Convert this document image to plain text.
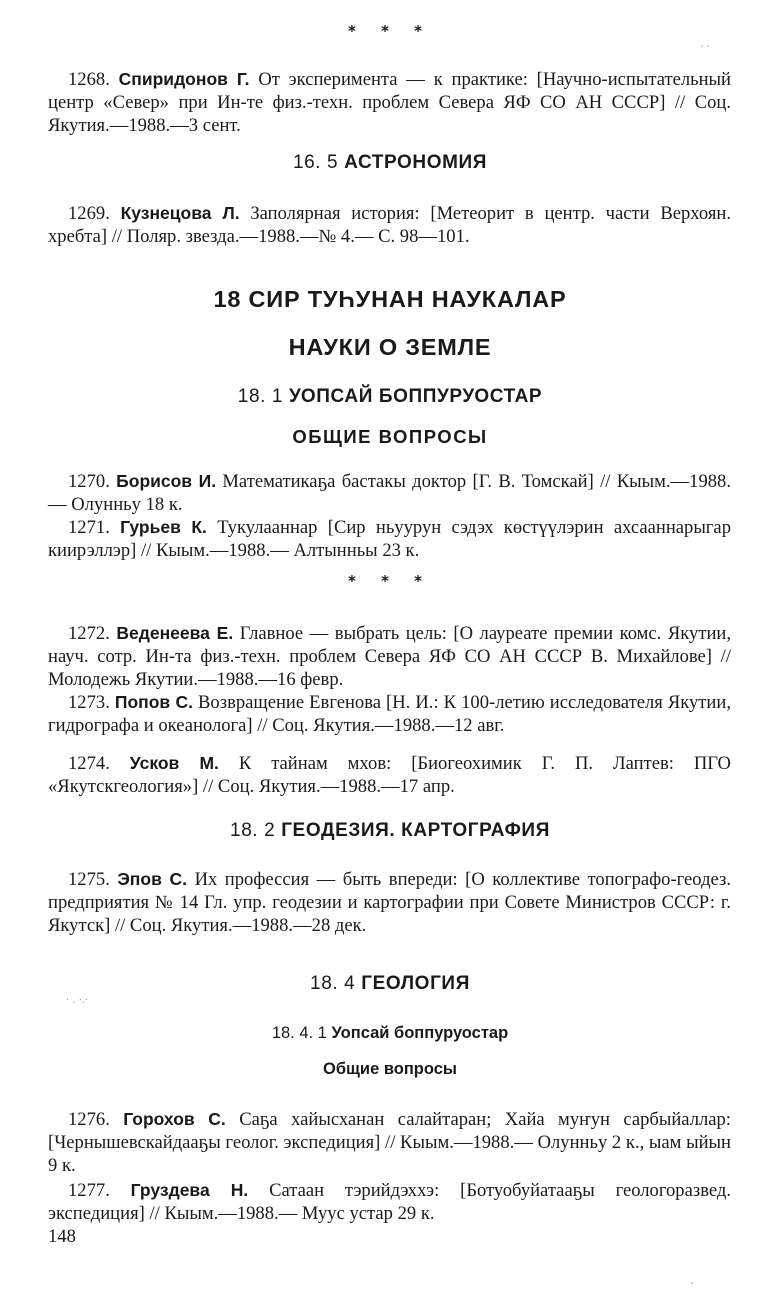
* * *

1268. Спиридонов Г. От эксперимента — к практике: [Научно-испытательный центр «Север» при Ин-те физ.-техн. проблем Севера ЯФ СО АН СССР] // Соц. Якутия.—1988.—3 сент.

16. 5 АСТРОНОМИЯ

1269. Кузнецова Л. Заполярная история: [Метеорит в центр. части Верхоян. хребта] // Поляр. звезда.—1988.—№ 4.— С. 98—101.

18 СИР ТУҺУНАН НАУКАЛАР
НАУКИ О ЗЕМЛЕ
18. 1 УОПСАЙ БОППУРУОСТАР
ОБЩИЕ ВОПРОСЫ

1270. Борисов И. Математикаҕа бастакы доктор [Г. В. Томскай] // Кыым.—1988.— Олунньу 18 к.

1271. Гурьев К. Тукулааннар [Сир ньуурун сэдэх көстүүлэрин ахсааннарыгар киирэллэр] // Кыым.—1988.— Алтынньы 23 к.

* * *

1272. Веденеева Е. Главное — выбрать цель: [О лауреате премии комс. Якутии, науч. сотр. Ин-та физ.-техн. проблем Севера ЯФ СО АН СССР В. Михайлове] // Молодежь Якутии.—1988.—16 февр.

1273. Попов С. Возвращение Евгенова [Н. И.: К 100-летию исследователя Якутии, гидрографа и океанолога] // Соц. Якутия.—1988.—12 авг.

1274. Усков М. К тайнам мхов: [Биогеохимик Г. П. Лаптев: ПГО «Якутскгеология»] // Соц. Якутия.—1988.—17 апр.

18. 2 ГЕОДЕЗИЯ. КАРТОГРАФИЯ

1275. Эпов С. Их профессия — быть впереди: [О коллективе топографо-геодез. предприятия № 14 Гл. упр. геодезии и картографии при Совете Министров СССР: г. Якутск] // Соц. Якутия.—1988.—28 дек.

18. 4 ГЕОЛОГИЯ
18. 4. 1 Уопсай боппуруостар
Общие вопросы

1276. Горохов С. Саҕа хайысханан салайтаран; Хайа муҥун сарбыйаллар: [Чернышевскайдааҕы геолог. экспедиция] // Кыым.—1988.— Олунньу 2 к., ыам ыйын 9 к.

1277. Груздева Н. Сатаан тэрийдэххэ: [Ботуобуйатааҕы геологоразвед. экспедиция] // Кыым.—1988.— Муус устар 29 к.

148
· . ·.·
· ·
-
